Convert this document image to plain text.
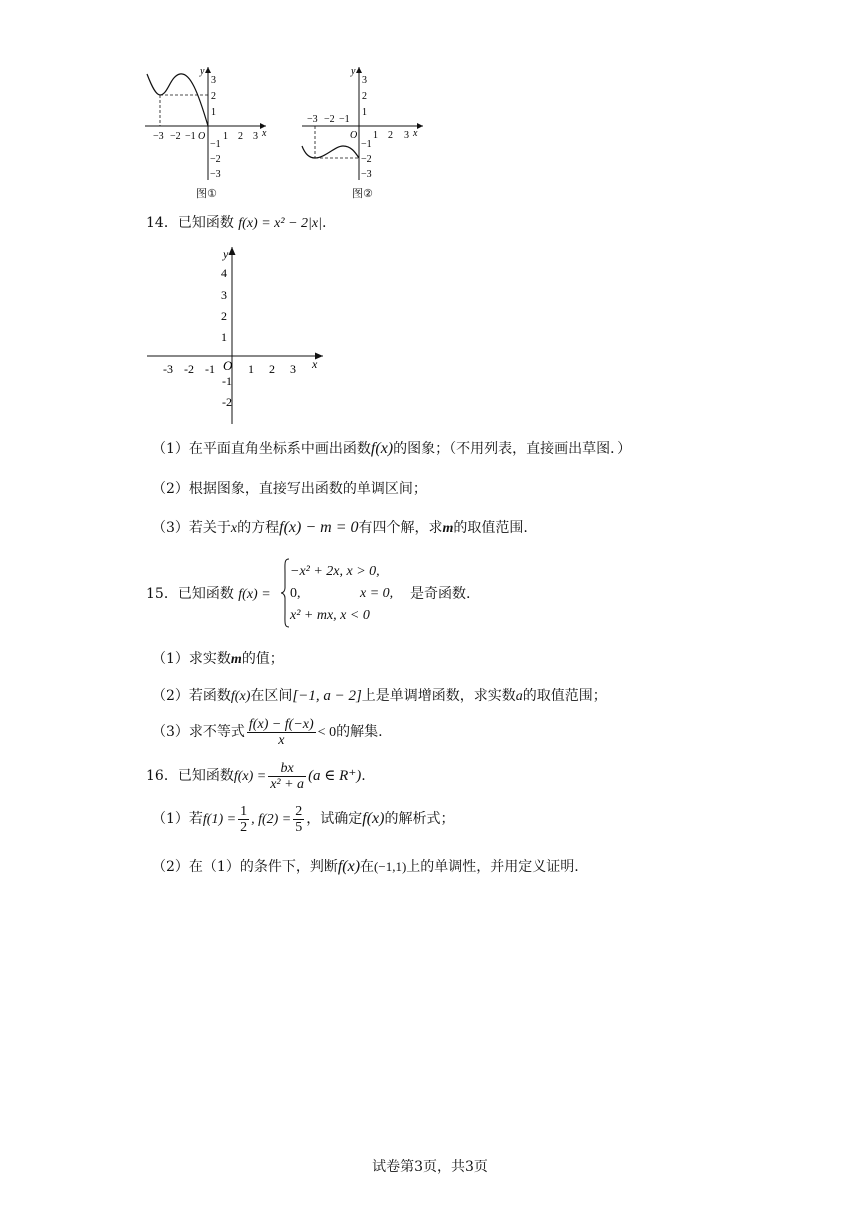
−3 −2 −1 O 1 2 3 x
y
3
2
1
−1
−2
−3
图①
−3 −2 −1
O 1 2 3 x
y
3
2
1
−1
−2
−3
图②
14．已知函数 f(x) = x² − 2|x|.
-3 -2 -1 O 1 2 3 x
y
4
3
2
1
-1
-2
（1）在平面直角坐标系中画出函数f(x)的图象；（不用列表，直接画出草图．）
（2）根据图象，直接写出函数的单调区间；
（3）若关于x的方程f(x) − m = 0有四个解，求m的取值范围.
15．已知函数 f(x) =
−x² + 2x, x > 0,
0,	x = 0,
x² + mx, x < 0
是奇函数.
（1）求实数m的值；
（2）若函数f(x)在区间[−1, a − 2]上是单调增函数，求实数a的取值范围；
（3）求不等式 $\frac{f(x) - f(-x)}{x} < 0$的解集.
16．已知函数$f(x) = \frac{bx}{\text{x² + a}} (a$ ∈ R⁺).
（1）若$f(1) = \frac{1}{2}$ , $f(2) = \frac{2}{5}$ ，试确定f(x)的解析式；
（2）在（1）的条件下，判断f(x)在(−1,1)上的单调性，并用定义证明.
试卷第3页，共3页
